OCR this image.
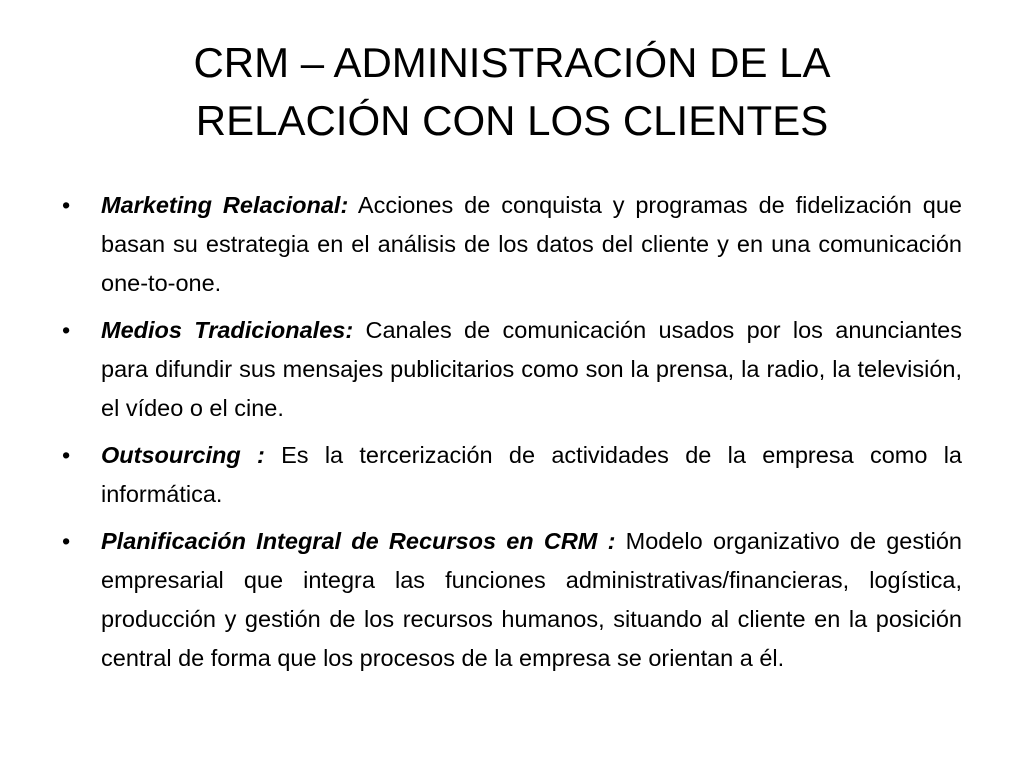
CRM – ADMINISTRACIÓN DE LA
RELACIÓN CON LOS CLIENTES
•	Marketing Relacional: Acciones de conquista y programas de fidelización que basan su estrategia en el análisis de los datos del cliente y en una comunicación one-to-one.
•	Medios Tradicionales: Canales de comunicación usados por los anunciantes para difundir sus mensajes publicitarios como son la prensa, la radio, la televisión, el vídeo o el cine.
•	Outsourcing : Es la tercerización de actividades de la empresa como la informática.
•	Planificación Integral de Recursos en CRM : Modelo organizativo de gestión empresarial que integra las funciones administrativas/financieras, logística, producción y gestión de los recursos humanos, situando al cliente en la posición central de forma que los procesos de la empresa se orientan a él.
